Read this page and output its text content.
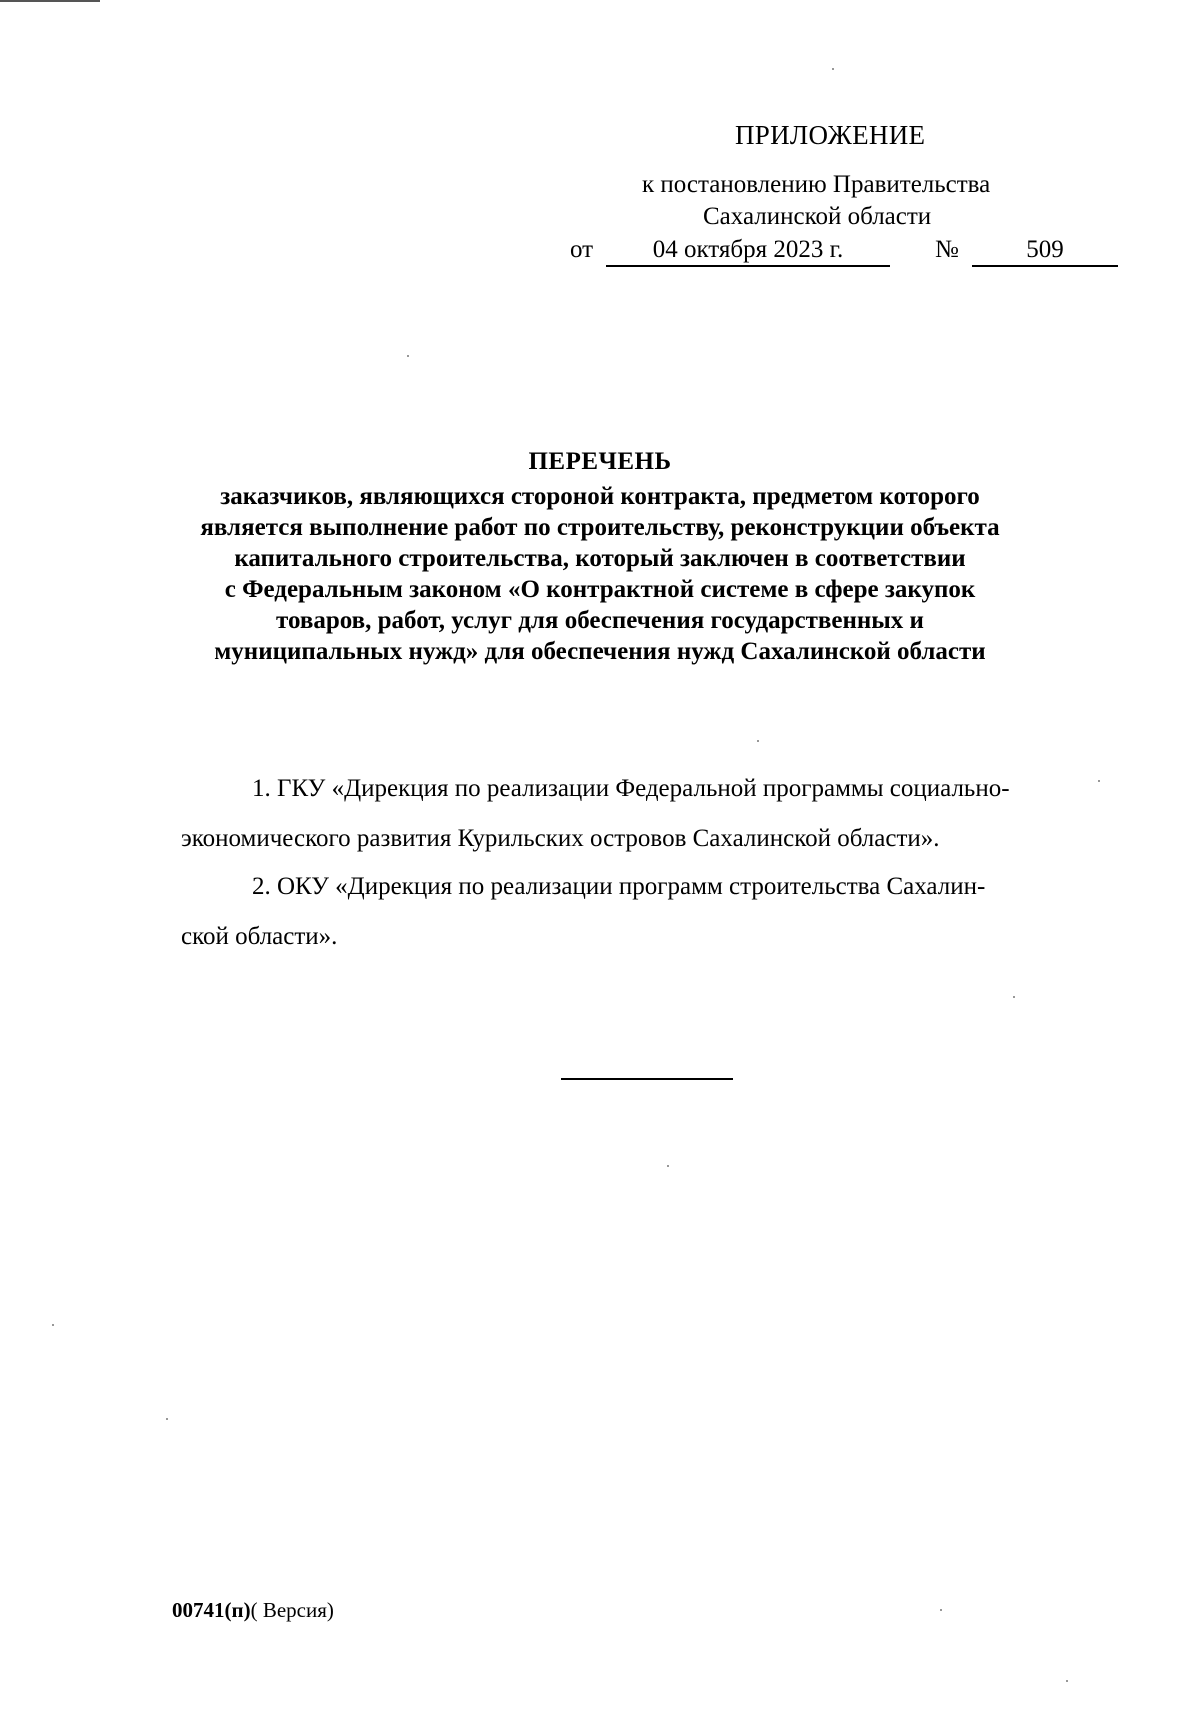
ПРИЛОЖЕНИЕ
к постановлению Правительства
Сахалинской области
от	04 октября 2023 г.	№	509
ПЕРЕЧЕНЬ
заказчиков, являющихся стороной контракта, предметом которого
является выполнение работ по строительству, реконструкции объекта
капитального строительства, который заключен в соответствии
с Федеральным законом «О контрактной системе в сфере закупок
товаров, работ, услуг для обеспечения государственных и
муниципальных нужд» для обеспечения нужд Сахалинской области
1. ГКУ «Дирекция по реализации Федеральной программы социально-
экономического развития Курильских островов Сахалинской области».
2. ОКУ «Дирекция по реализации программ строительства Сахалин-
ской области».
00741(п)( Версия)
